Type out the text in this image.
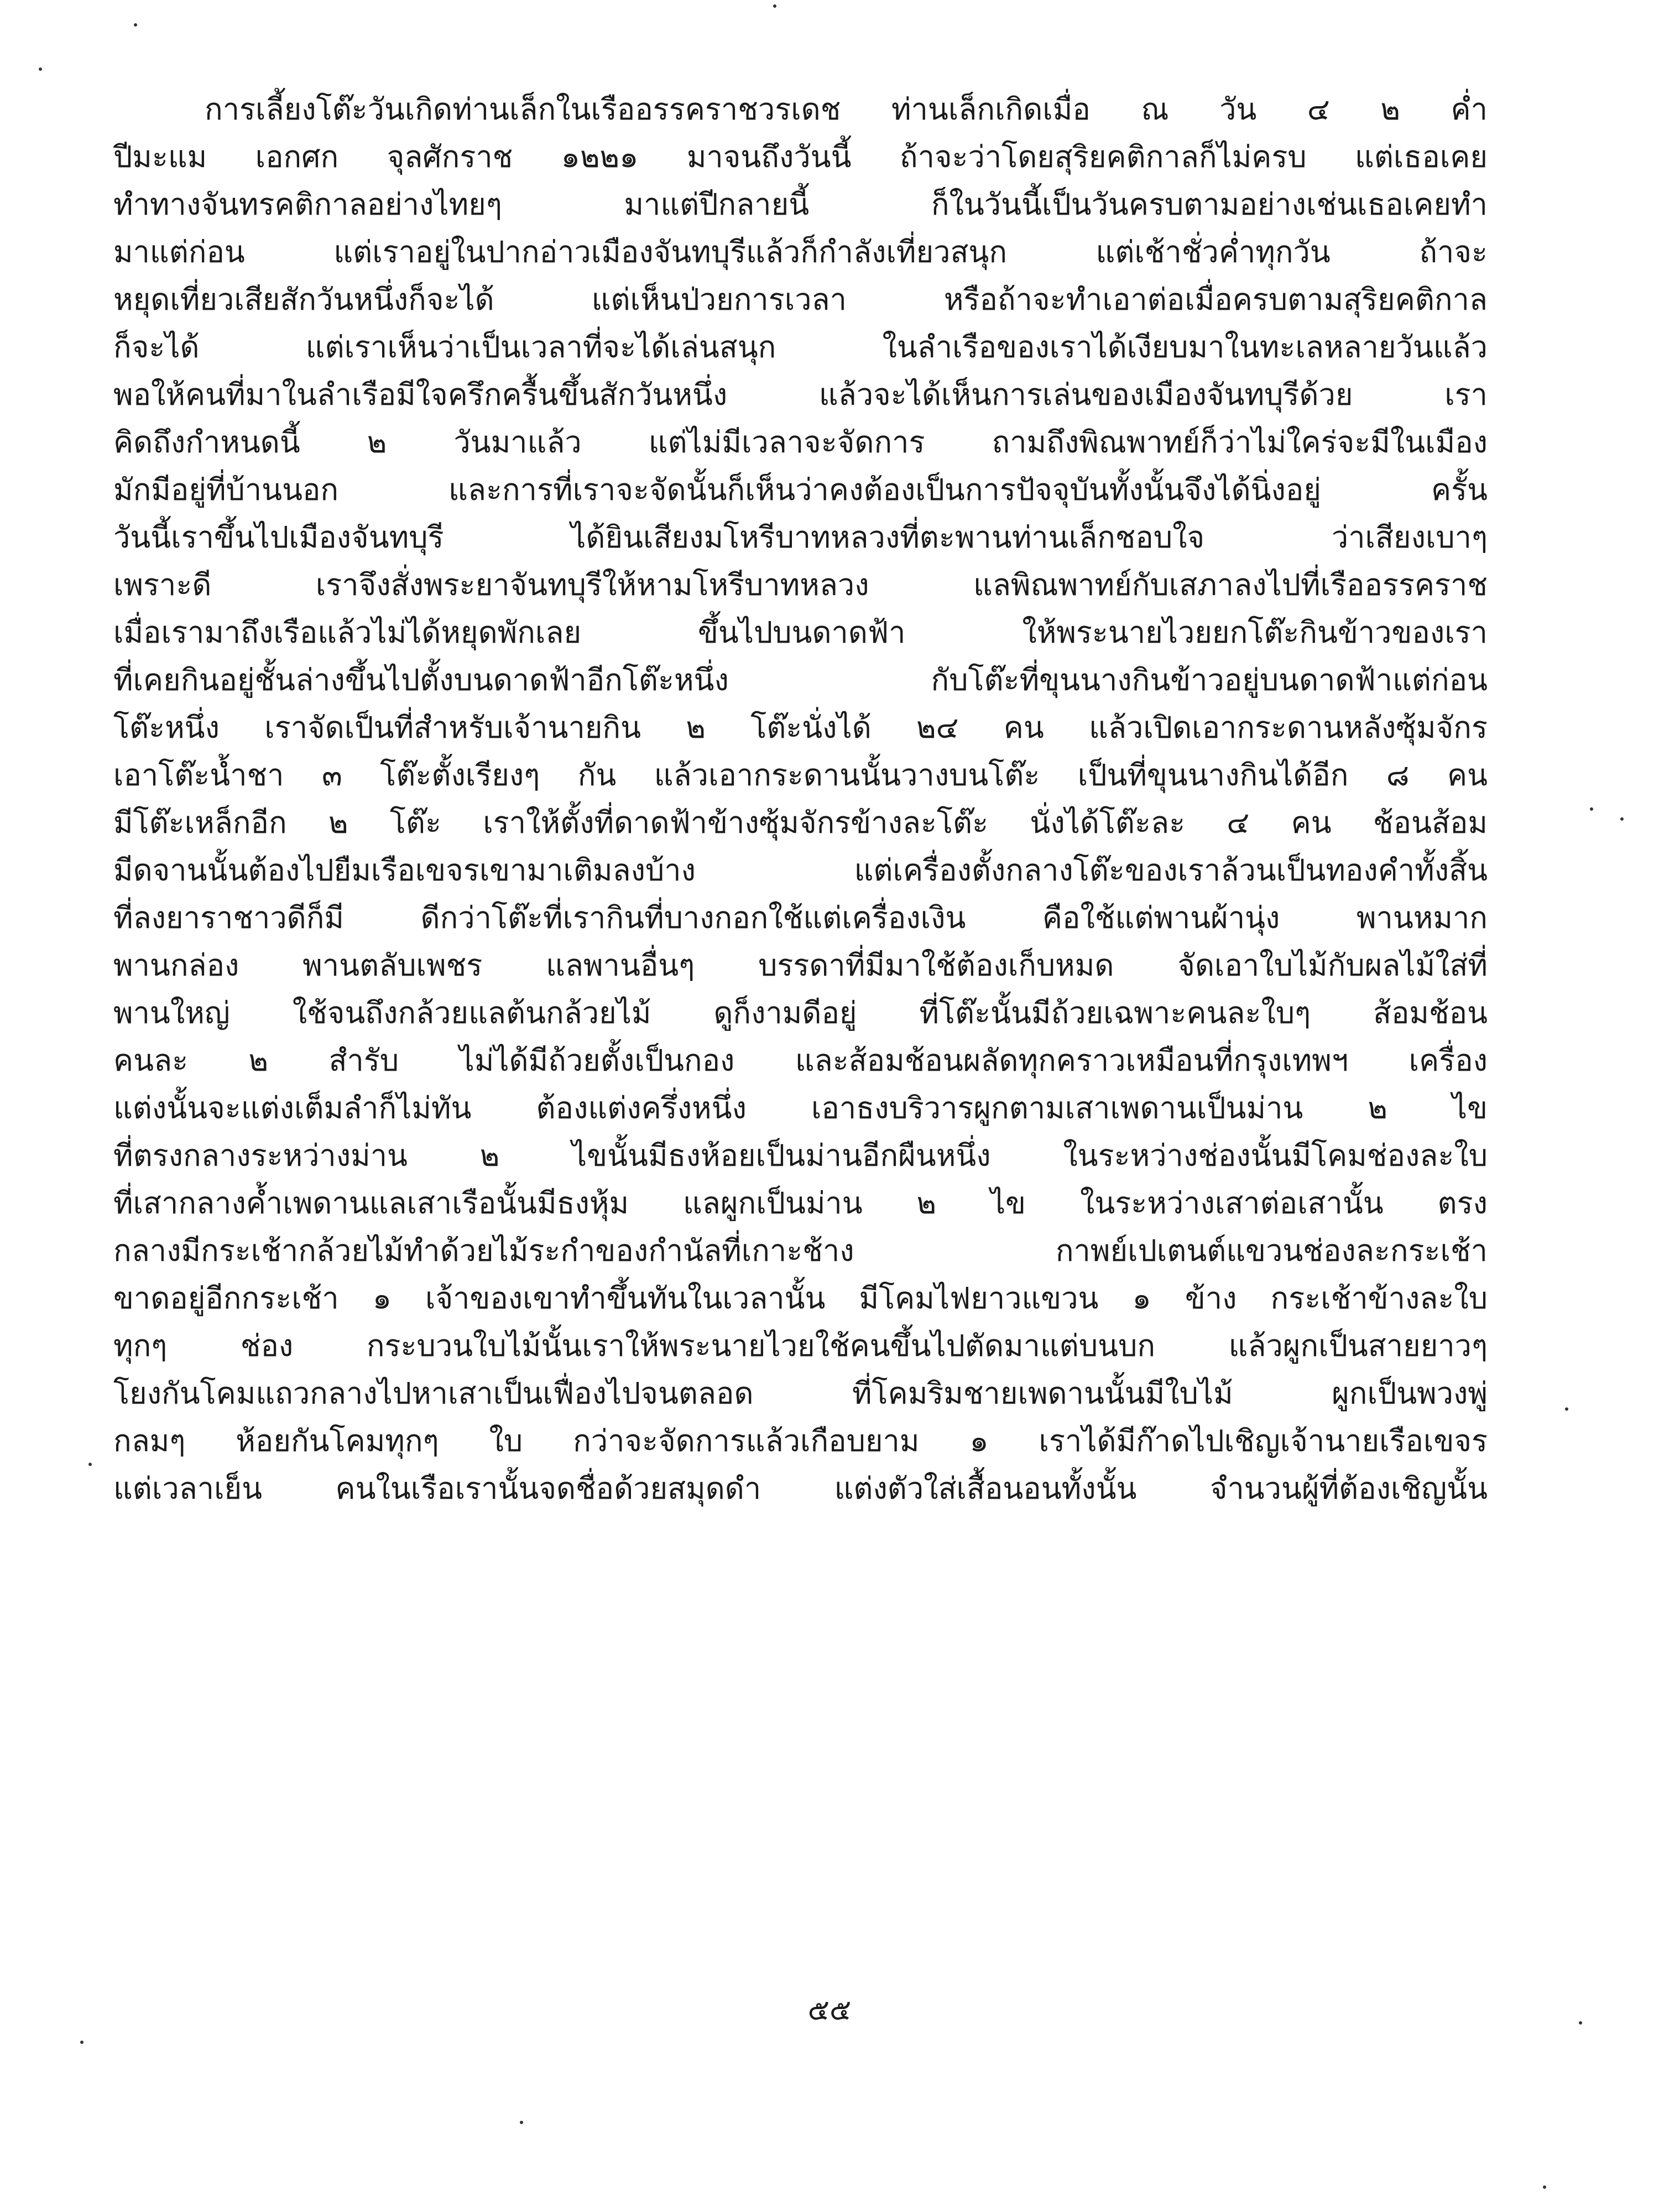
การเลี้ยงโต๊ะวันเกิดท่านเล็กในเรืออรรคราชวรเดช ท่านเล็กเกิดเมื่อ ณ วัน ๔ ๒ ค่ำ
ปีมะแม เอกศก จุลศักราช ๑๒๒๑ มาจนถึงวันนี้ ถ้าจะว่าโดยสุริยคติกาลก็ไม่ครบ แต่เธอเคย
ทำทางจันทรคติกาลอย่างไทยๆ มาแต่ปีกลายนี้ ก็ในวันนี้เป็นวันครบตามอย่างเช่นเธอเคยทำ
มาแต่ก่อน แต่เราอยู่ในปากอ่าวเมืองจันทบุรีแล้วก็กำลังเที่ยวสนุก แต่เช้าชั่วค่ำทุกวัน ถ้าจะ
หยุดเที่ยวเสียสักวันหนึ่งก็จะได้ แต่เห็นป่วยการเวลา หรือถ้าจะทำเอาต่อเมื่อครบตามสุริยคติกาล
ก็จะได้ แต่เราเห็นว่าเป็นเวลาที่จะได้เล่นสนุก ในลำเรือของเราได้เงียบมาในทะเลหลายวันแล้ว
พอให้คนที่มาในลำเรือมีใจครึกครื้นขึ้นสักวันหนึ่ง แล้วจะได้เห็นการเล่นของเมืองจันทบุรีด้วย เรา
คิดถึงกำหนดนี้ ๒ วันมาแล้ว แต่ไม่มีเวลาจะจัดการ ถามถึงพิณพาทย์ก็ว่าไม่ใคร่จะมีในเมือง
มักมีอยู่ที่บ้านนอก และการที่เราจะจัดนั้นก็เห็นว่าคงต้องเป็นการปัจจุบันทั้งนั้นจึงได้นิ่งอยู่ ครั้น
วันนี้เราขึ้นไปเมืองจันทบุรี ได้ยินเสียงมโหรีบาทหลวงที่ตะพานท่านเล็กชอบใจ ว่าเสียงเบาๆ
เพราะดี เราจึงสั่งพระยาจันทบุรีให้หามโหรีบาทหลวง แลพิณพาทย์กับเสภาลงไปที่เรืออรรคราช
เมื่อเรามาถึงเรือแล้วไม่ได้หยุดพักเลย ขึ้นไปบนดาดฟ้า ให้พระนายไวยยกโต๊ะกินข้าวของเรา
ที่เคยกินอยู่ชั้นล่างขึ้นไปตั้งบนดาดฟ้าอีกโต๊ะหนึ่ง กับโต๊ะที่ขุนนางกินข้าวอยู่บนดาดฟ้าแต่ก่อน
โต๊ะหนึ่ง เราจัดเป็นที่สำหรับเจ้านายกิน ๒ โต๊ะนั่งได้ ๒๔ คน แล้วเปิดเอากระดานหลังซุ้มจักร
เอาโต๊ะน้ำชา ๓ โต๊ะตั้งเรียงๆ กัน แล้วเอากระดานนั้นวางบนโต๊ะ เป็นที่ขุนนางกินได้อีก ๘ คน
มีโต๊ะเหล็กอีก ๒ โต๊ะ เราให้ตั้งที่ดาดฟ้าข้างซุ้มจักรข้างละโต๊ะ นั่งได้โต๊ะละ ๔ คน ช้อนส้อม
มีดจานนั้นต้องไปยืมเรือเขจรเขามาเติมลงบ้าง แต่เครื่องตั้งกลางโต๊ะของเราล้วนเป็นทองคำทั้งสิ้น
ที่ลงยาราชาวดีก็มี ดีกว่าโต๊ะที่เรากินที่บางกอกใช้แต่เครื่องเงิน คือใช้แต่พานผ้านุ่ง พานหมาก
พานกล่อง พานตลับเพชร แลพานอื่นๆ บรรดาที่มีมาใช้ต้องเก็บหมด จัดเอาใบไม้กับผลไม้ใส่ที่
พานใหญ่ ใช้จนถึงกล้วยแลต้นกล้วยไม้ ดูก็งามดีอยู่ ที่โต๊ะนั้นมีถ้วยเฉพาะคนละใบๆ ส้อมช้อน
คนละ ๒ สำรับ ไม่ได้มีถ้วยตั้งเป็นกอง และส้อมช้อนผลัดทุกคราวเหมือนที่กรุงเทพฯ เครื่อง
แต่งนั้นจะแต่งเต็มลำก็ไม่ทัน ต้องแต่งครึ่งหนึ่ง เอาธงบริวารผูกตามเสาเพดานเป็นม่าน ๒ ไข
ที่ตรงกลางระหว่างม่าน ๒ ไขนั้นมีธงห้อยเป็นม่านอีกผืนหนึ่ง ในระหว่างช่องนั้นมีโคมช่องละใบ
ที่เสากลางค้ำเพดานแลเสาเรือนั้นมีธงหุ้ม แลผูกเป็นม่าน ๒ ไข ในระหว่างเสาต่อเสานั้น ตรง
กลางมีกระเช้ากล้วยไม้ทำด้วยไม้ระกำของกำนัลที่เกาะช้าง กาพย์เปเตนต์แขวนช่องละกระเช้า
ขาดอยู่อีกกระเช้า ๑ เจ้าของเขาทำขึ้นทันในเวลานั้น มีโคมไฟยาวแขวน ๑ ข้าง กระเช้าข้างละใบ
ทุกๆ ช่อง กระบวนใบไม้นั้นเราให้พระนายไวยใช้คนขึ้นไปตัดมาแต่บนบก แล้วผูกเป็นสายยาวๆ
โยงกันโคมแถวกลางไปหาเสาเป็นเฟื่องไปจนตลอด ที่โคมริมชายเพดานนั้นมีใบไม้ ผูกเป็นพวงพู่
กลมๆ ห้อยกันโคมทุกๆ ใบ กว่าจะจัดการแล้วเกือบยาม ๑ เราได้มีก๊าดไปเชิญเจ้านายเรือเขจร
แต่เวลาเย็น คนในเรือเรานั้นจดชื่อด้วยสมุดดำ แต่งตัวใส่เสื้อนอนทั้งนั้น จำนวนผู้ที่ต้องเชิญนั้น
๕๕
